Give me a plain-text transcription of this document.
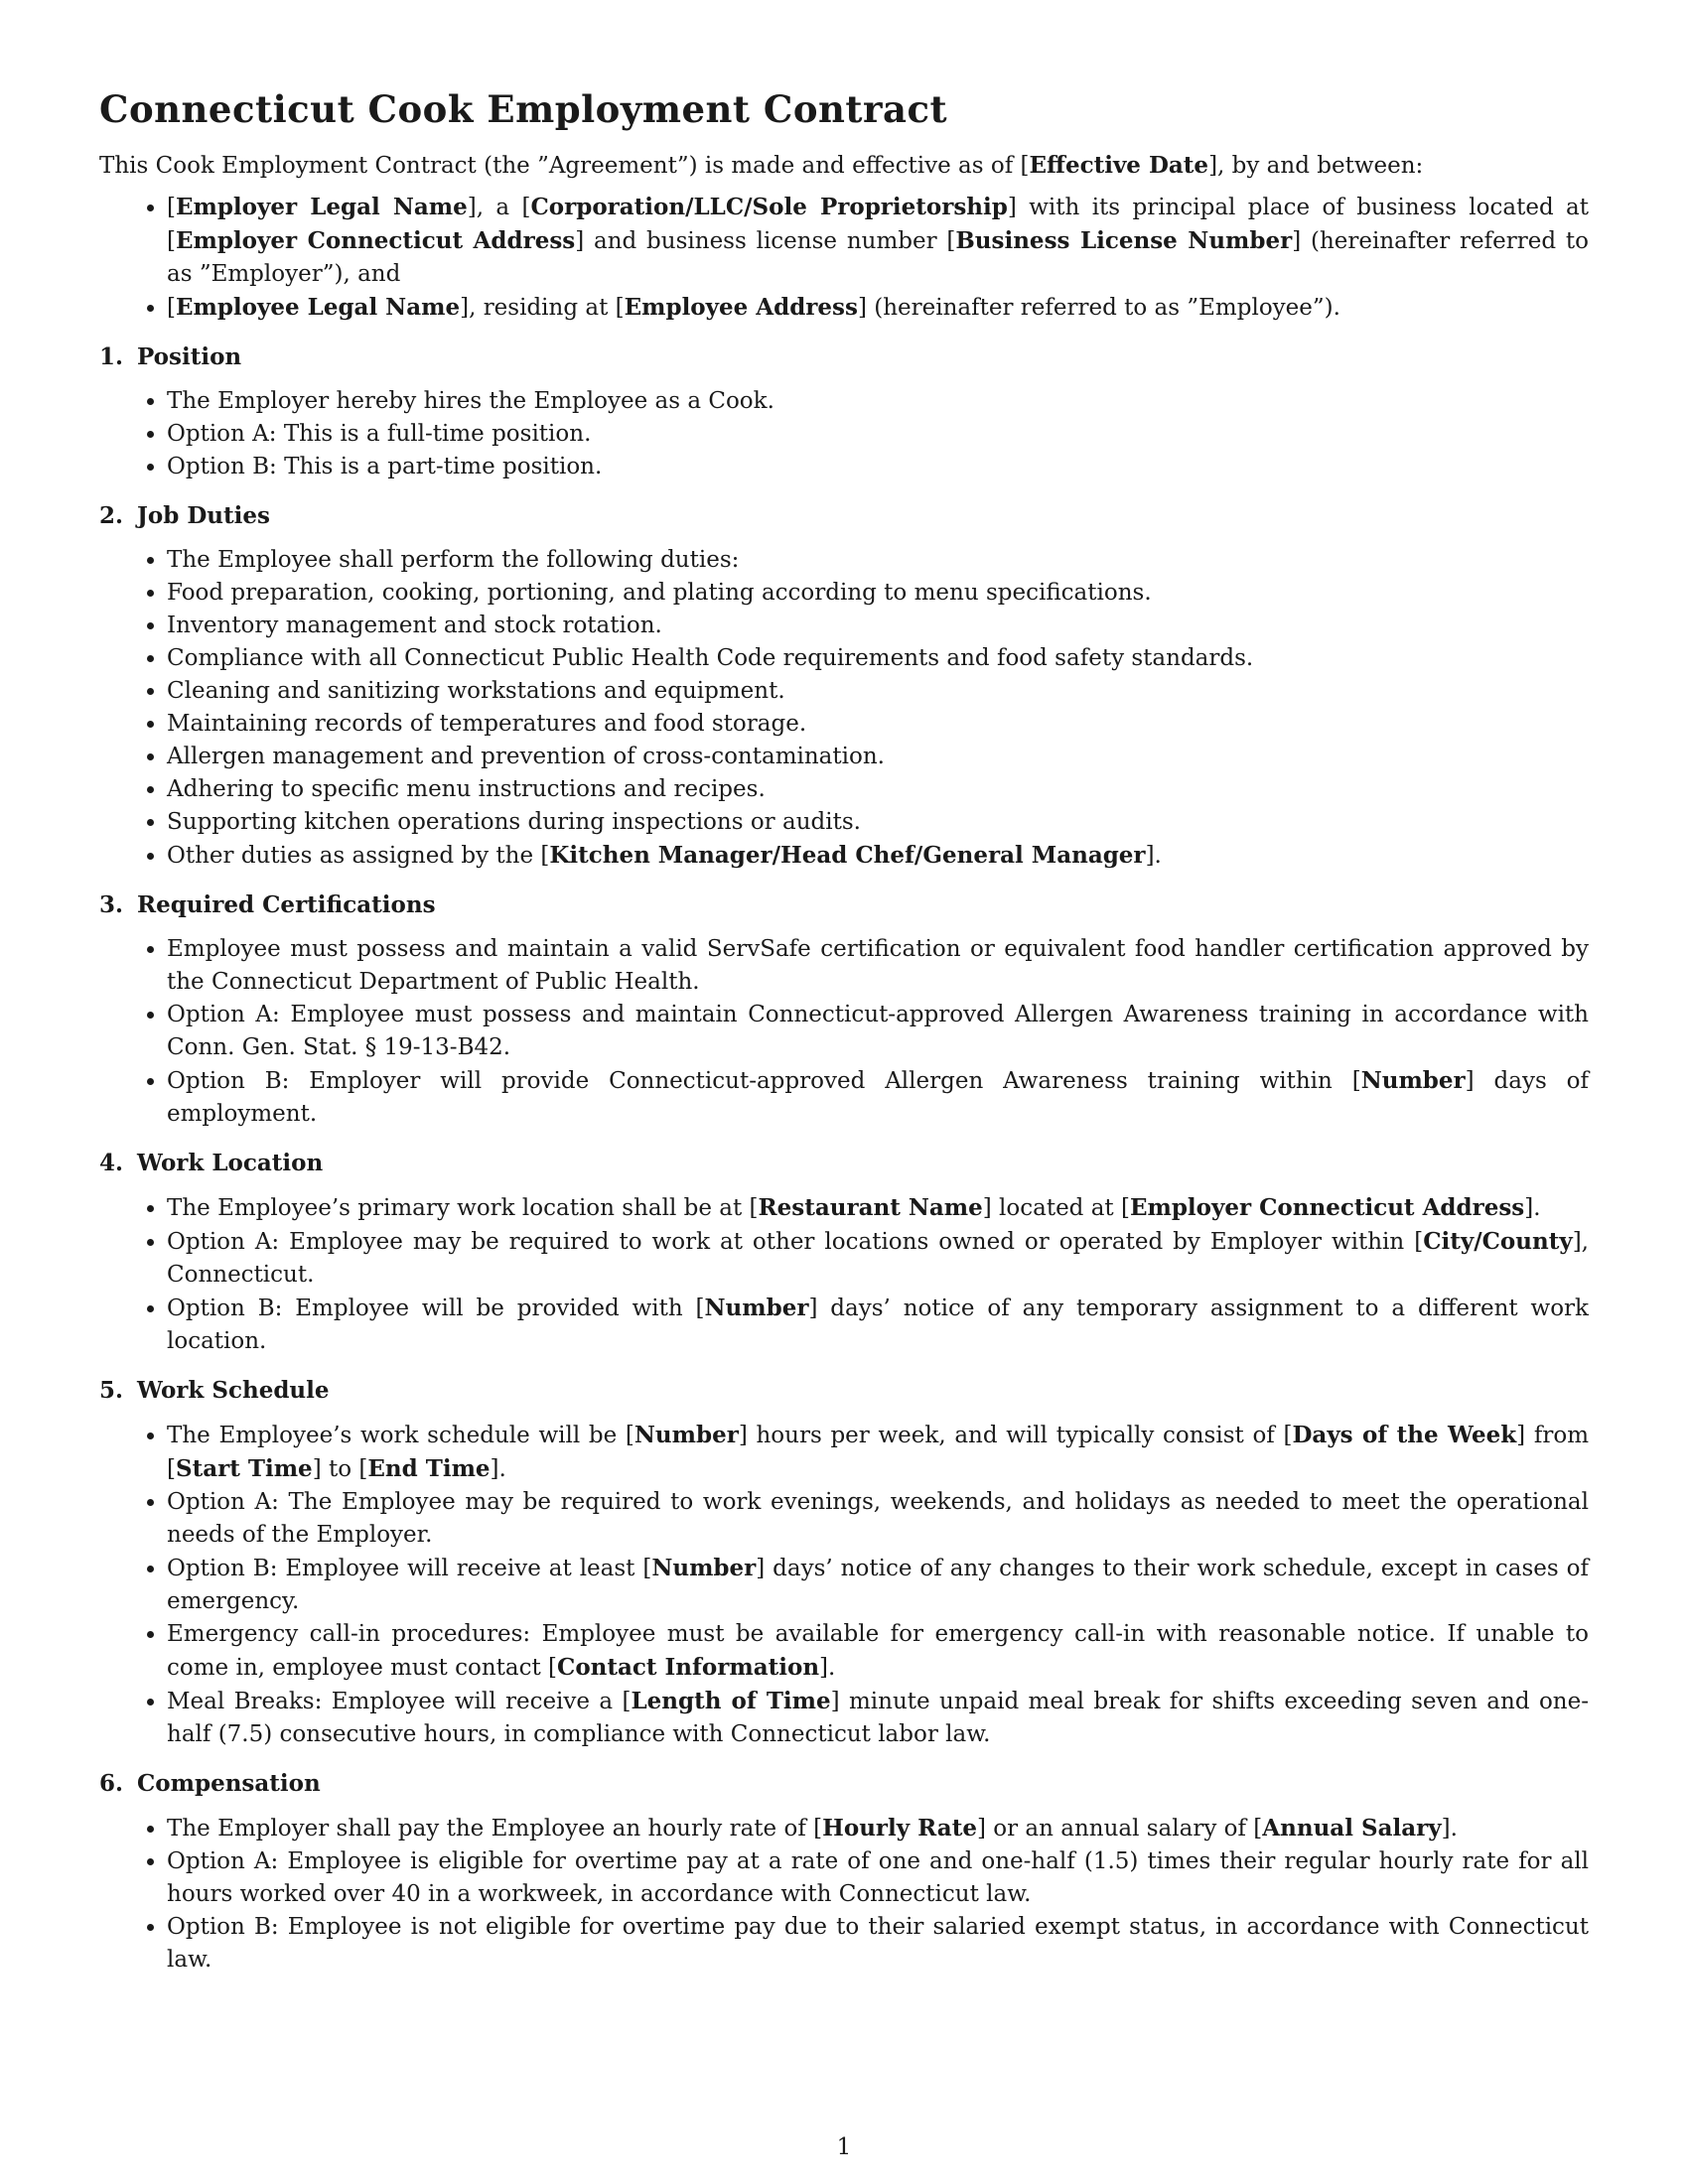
Connecticut Cook Employment Contract

This Cook Employment Contract (the ”Agreement”) is made and effective as of [Effective Date], by and between:

• [Employer Legal Name], a [Corporation/LLC/Sole Proprietorship] with its principal place of business located at [Employer Connecticut Address] and business license number [Business License Number] (hereinafter referred to as ”Employer”), and
• [Employee Legal Name], residing at [Employee Address] (hereinafter referred to as ”Employee”).
1. Position
• The Employer hereby hires the Employee as a Cook.
• Option A: This is a full-time position.
• Option B: This is a part-time position.
2. Job Duties
• The Employee shall perform the following duties:
• Food preparation, cooking, portioning, and plating according to menu specifications.
• Inventory management and stock rotation.
• Compliance with all Connecticut Public Health Code requirements and food safety standards.
• Cleaning and sanitizing workstations and equipment.
• Maintaining records of temperatures and food storage.
• Allergen management and prevention of cross-contamination.
• Adhering to specific menu instructions and recipes.
• Supporting kitchen operations during inspections or audits.
• Other duties as assigned by the [Kitchen Manager/Head Chef/General Manager].
3. Required Certifications
• Employee must possess and maintain a valid ServSafe certification or equivalent food handler certification approved by the Connecticut Department of Public Health.
• Option A: Employee must possess and maintain Connecticut-approved Allergen Awareness training in accordance with Conn. Gen. Stat. § 19-13-B42.
• Option B: Employer will provide Connecticut-approved Allergen Awareness training within [Number] days of employment.
4. Work Location
• The Employee’s primary work location shall be at [Restaurant Name] located at [Employer Connecticut Address].
• Option A: Employee may be required to work at other locations owned or operated by Employer within [City/County], Connecticut.
• Option B: Employee will be provided with [Number] days’ notice of any temporary assignment to a different work location.
5. Work Schedule
• The Employee’s work schedule will be [Number] hours per week, and will typically consist of [Days of the Week] from [Start Time] to [End Time].
• Option A: The Employee may be required to work evenings, weekends, and holidays as needed to meet the operational needs of the Employer.
• Option B: Employee will receive at least [Number] days’ notice of any changes to their work schedule, except in cases of emergency.
• Emergency call-in procedures: Employee must be available for emergency call-in with reasonable notice. If unable to come in, employee must contact [Contact Information].
• Meal Breaks: Employee will receive a [Length of Time] minute unpaid meal break for shifts exceeding seven and one-half (7.5) consecutive hours, in compliance with Connecticut labor law.
6. Compensation
• The Employer shall pay the Employee an hourly rate of [Hourly Rate] or an annual salary of [Annual Salary].
• Option A: Employee is eligible for overtime pay at a rate of one and one-half (1.5) times their regular hourly rate for all hours worked over 40 in a workweek, in accordance with Connecticut law.
• Option B: Employee is not eligible for overtime pay due to their salaried exempt status, in accordance with Connecticut law.
1
